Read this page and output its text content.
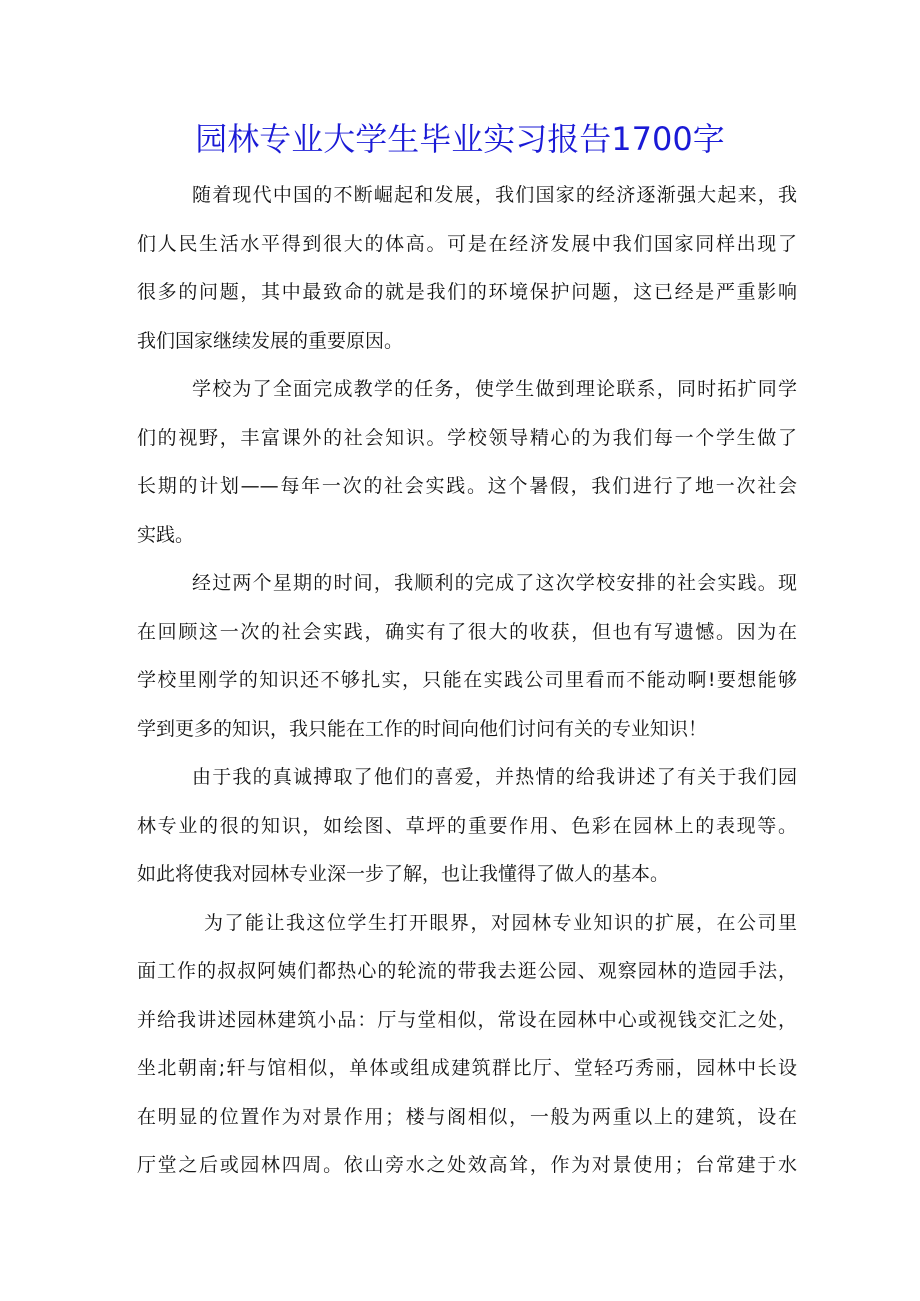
园林专业大学生毕业实习报告1700字
随着现代中国的不断崛起和发展，我们国家的经济逐渐强大起来，我
们人民生活水平得到很大的体高。可是在经济发展中我们国家同样出现了
很多的问题，其中最致命的就是我们的环境保护问题，这已经是严重影响
我们国家继续发展的重要原因。
学校为了全面完成教学的任务，使学生做到理论联系，同时拓扩同学
们的视野，丰富课外的社会知识。学校领导精心的为我们每一个学生做了
长期的计划——每年一次的社会实践。这个暑假，我们进行了地一次社会
实践。
经过两个星期的时间，我顺利的完成了这次学校安排的社会实践。现
在回顾这一次的社会实践，确实有了很大的收获，但也有写遗憾。因为在
学校里刚学的知识还不够扎实，只能在实践公司里看而不能动啊!要想能够
学到更多的知识，我只能在工作的时间向他们讨问有关的专业知识！
由于我的真诚搏取了他们的喜爱，并热情的给我讲述了有关于我们园
林专业的很的知识，如绘图、草坪的重要作用、色彩在园林上的表现等。
如此将使我对园林专业深一步了解，也让我懂得了做人的基本。
为了能让我这位学生打开眼界，对园林专业知识的扩展，在公司里
面工作的叔叔阿姨们都热心的轮流的带我去逛公园、观察园林的造园手法，
并给我讲述园林建筑小品：厅与堂相似，常设在园林中心或视钱交汇之处，
坐北朝南;轩与馆相似，单体或组成建筑群比厅、堂轻巧秀丽，园林中长设
在明显的位置作为对景作用；楼与阁相似，一般为两重以上的建筑，设在
厅堂之后或园林四周。依山旁水之处效高耸，作为对景使用；台常建于水
